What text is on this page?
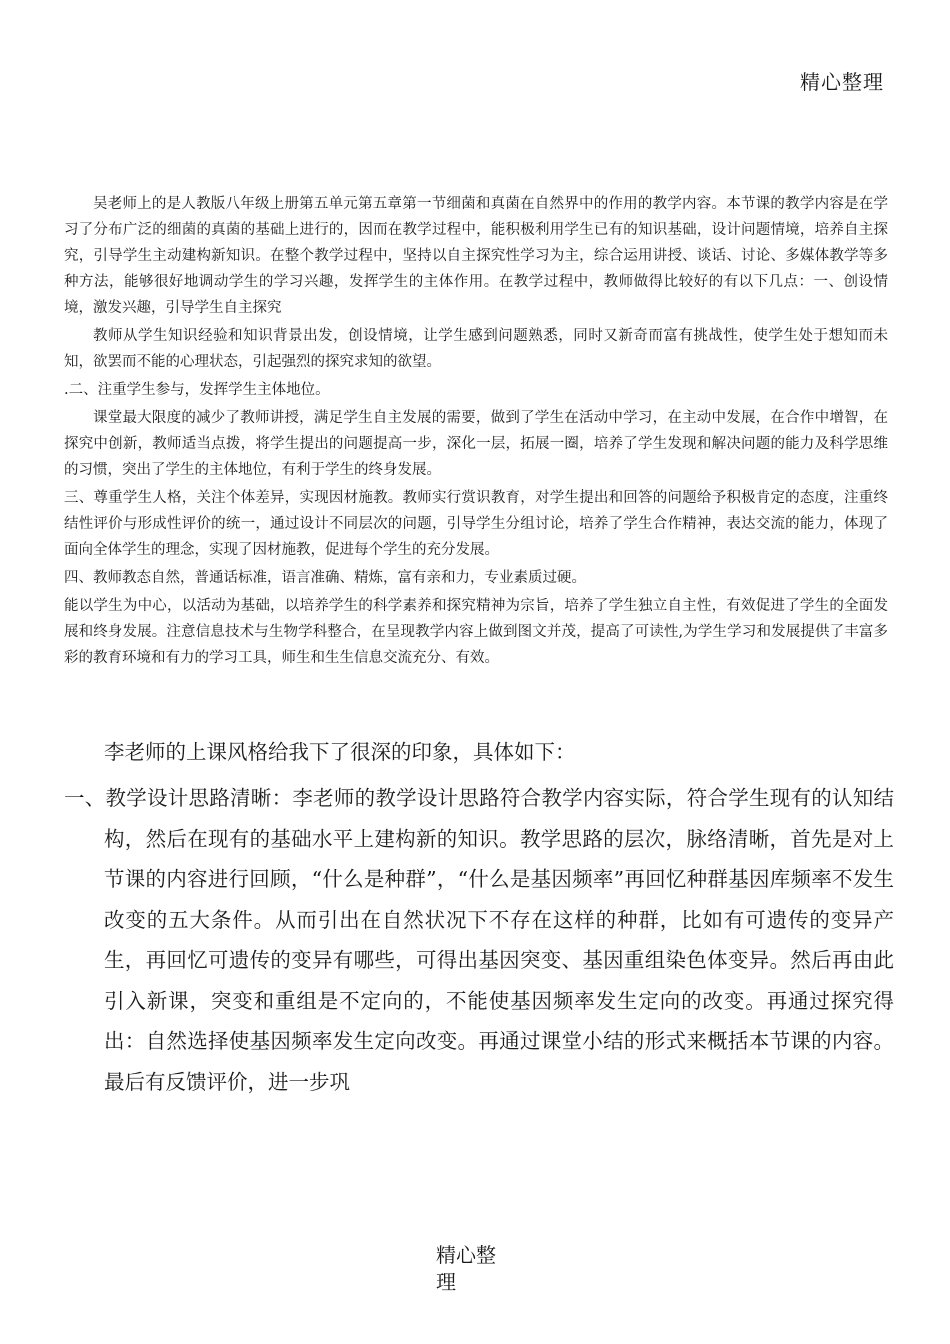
精心整理

吴老师上的是人教版八年级上册第五单元第五章第一节细菌和真菌在自然界中的作用的教学内容。本节课的教学内容是在学习了分布广泛的细菌的真菌的基础上进行的，因而在教学过程中，能积极利用学生已有的知识基础，设计问题情境，培养自主探究，引导学生主动建构新知识。在整个教学过程中，坚持以自主探究性学习为主，综合运用讲授、谈话、讨论、多媒体教学等多种方法，能够很好地调动学生的学习兴趣，发挥学生的主体作用。在教学过程中，教师做得比较好的有以下几点：一、创设情境，激发兴趣，引导学生自主探究

教师从学生知识经验和知识背景出发，创设情境，让学生感到问题熟悉，同时又新奇而富有挑战性，使学生处于想知而未知，欲罢而不能的心理状态，引起强烈的探究求知的欲望。

.二、注重学生参与，发挥学生主体地位。

课堂最大限度的减少了教师讲授，满足学生自主发展的需要，做到了学生在活动中学习，在主动中发展，在合作中增智，在探究中创新，教师适当点拨，将学生提出的问题提高一步，深化一层，拓展一圈，培养了学生发现和解决问题的能力及科学思维的习惯，突出了学生的主体地位，有利于学生的终身发展。

三、尊重学生人格，关注个体差异，实现因材施教。教师实行赏识教育，对学生提出和回答的问题给予积极肯定的态度，注重终结性评价与形成性评价的统一，通过设计不同层次的问题，引导学生分组讨论，培养了学生合作精神，表达交流的能力，体现了面向全体学生的理念，实现了因材施教，促进每个学生的充分发展。

四、教师教态自然，普通话标准，语言准确、精炼，富有亲和力，专业素质过硬。

能以学生为中心，以活动为基础，以培养学生的科学素养和探究精神为宗旨，培养了学生独立自主性，有效促进了学生的全面发展和终身发展。注意信息技术与生物学科整合，在呈现教学内容上做到图文并茂，提高了可读性,为学生学习和发展提供了丰富多彩的教育环境和有力的学习工具，师生和生生信息交流充分、有效。

李老师的上课风格给我下了很深的印象，具体如下：

一、教学设计思路清晰：李老师的教学设计思路符合教学内容实际，符合学生现有的认知结构，然后在现有的基础水平上建构新的知识。教学思路的层次，脉络清晰，首先是对上节课的内容进行回顾，“什么是种群”，“什么是基因频率”再回忆种群基因库频率不发生改变的五大条件。从而引出在自然状况下不存在这样的种群，比如有可遗传的变异产生，再回忆可遗传的变异有哪些，可得出基因突变、基因重组染色体变异。然后再由此引入新课，突变和重组是不定向的，不能使基因频率发生定向的改变。再通过探究得出：自然选择使基因频率发生定向改变。再通过课堂小结的形式来概括本节课的内容。最后有反馈评价，进一步巩

精心整理
